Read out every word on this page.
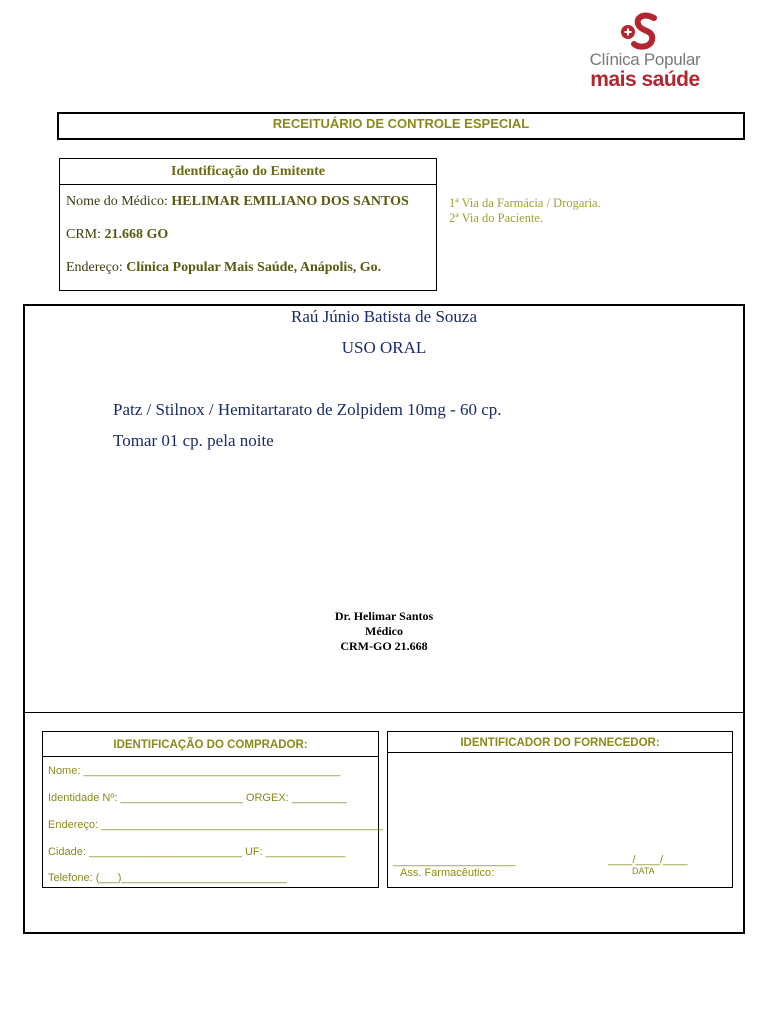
Clínica Popular
mais saúde
RECEITUÁRIO DE CONTROLE ESPECIAL
Identificação do Emitente
Nome do Médico: HELIMAR EMILIANO DOS SANTOS
CRM: 21.668 GO
Endereço: Clínica Popular Mais Saúde, Anápolis, Go.
1ª Via da Farmácia / Drogaria.
2ª Via do Paciente.
Raú Júnio Batista de Souza
USO ORAL
Patz / Stilnox / Hemitartarato de Zolpidem 10mg - 60 cp.
Tomar 01 cp. pela noite
Dr. Helimar Santos
Médico
CRM-GO 21.668
IDENTIFICAÇÃO DO COMPRADOR:
Nome: __________________________________________
Identidade Nº: ____________________ ORGEX: _________
Endereço: ______________________________________________
Cidade: _________________________ UF: _____________
Telefone: (___)___________________________
IDENTIFICADOR DO FORNECEDOR:
____________________
Ass. Farmacêutico:
____/____/____
DATA
